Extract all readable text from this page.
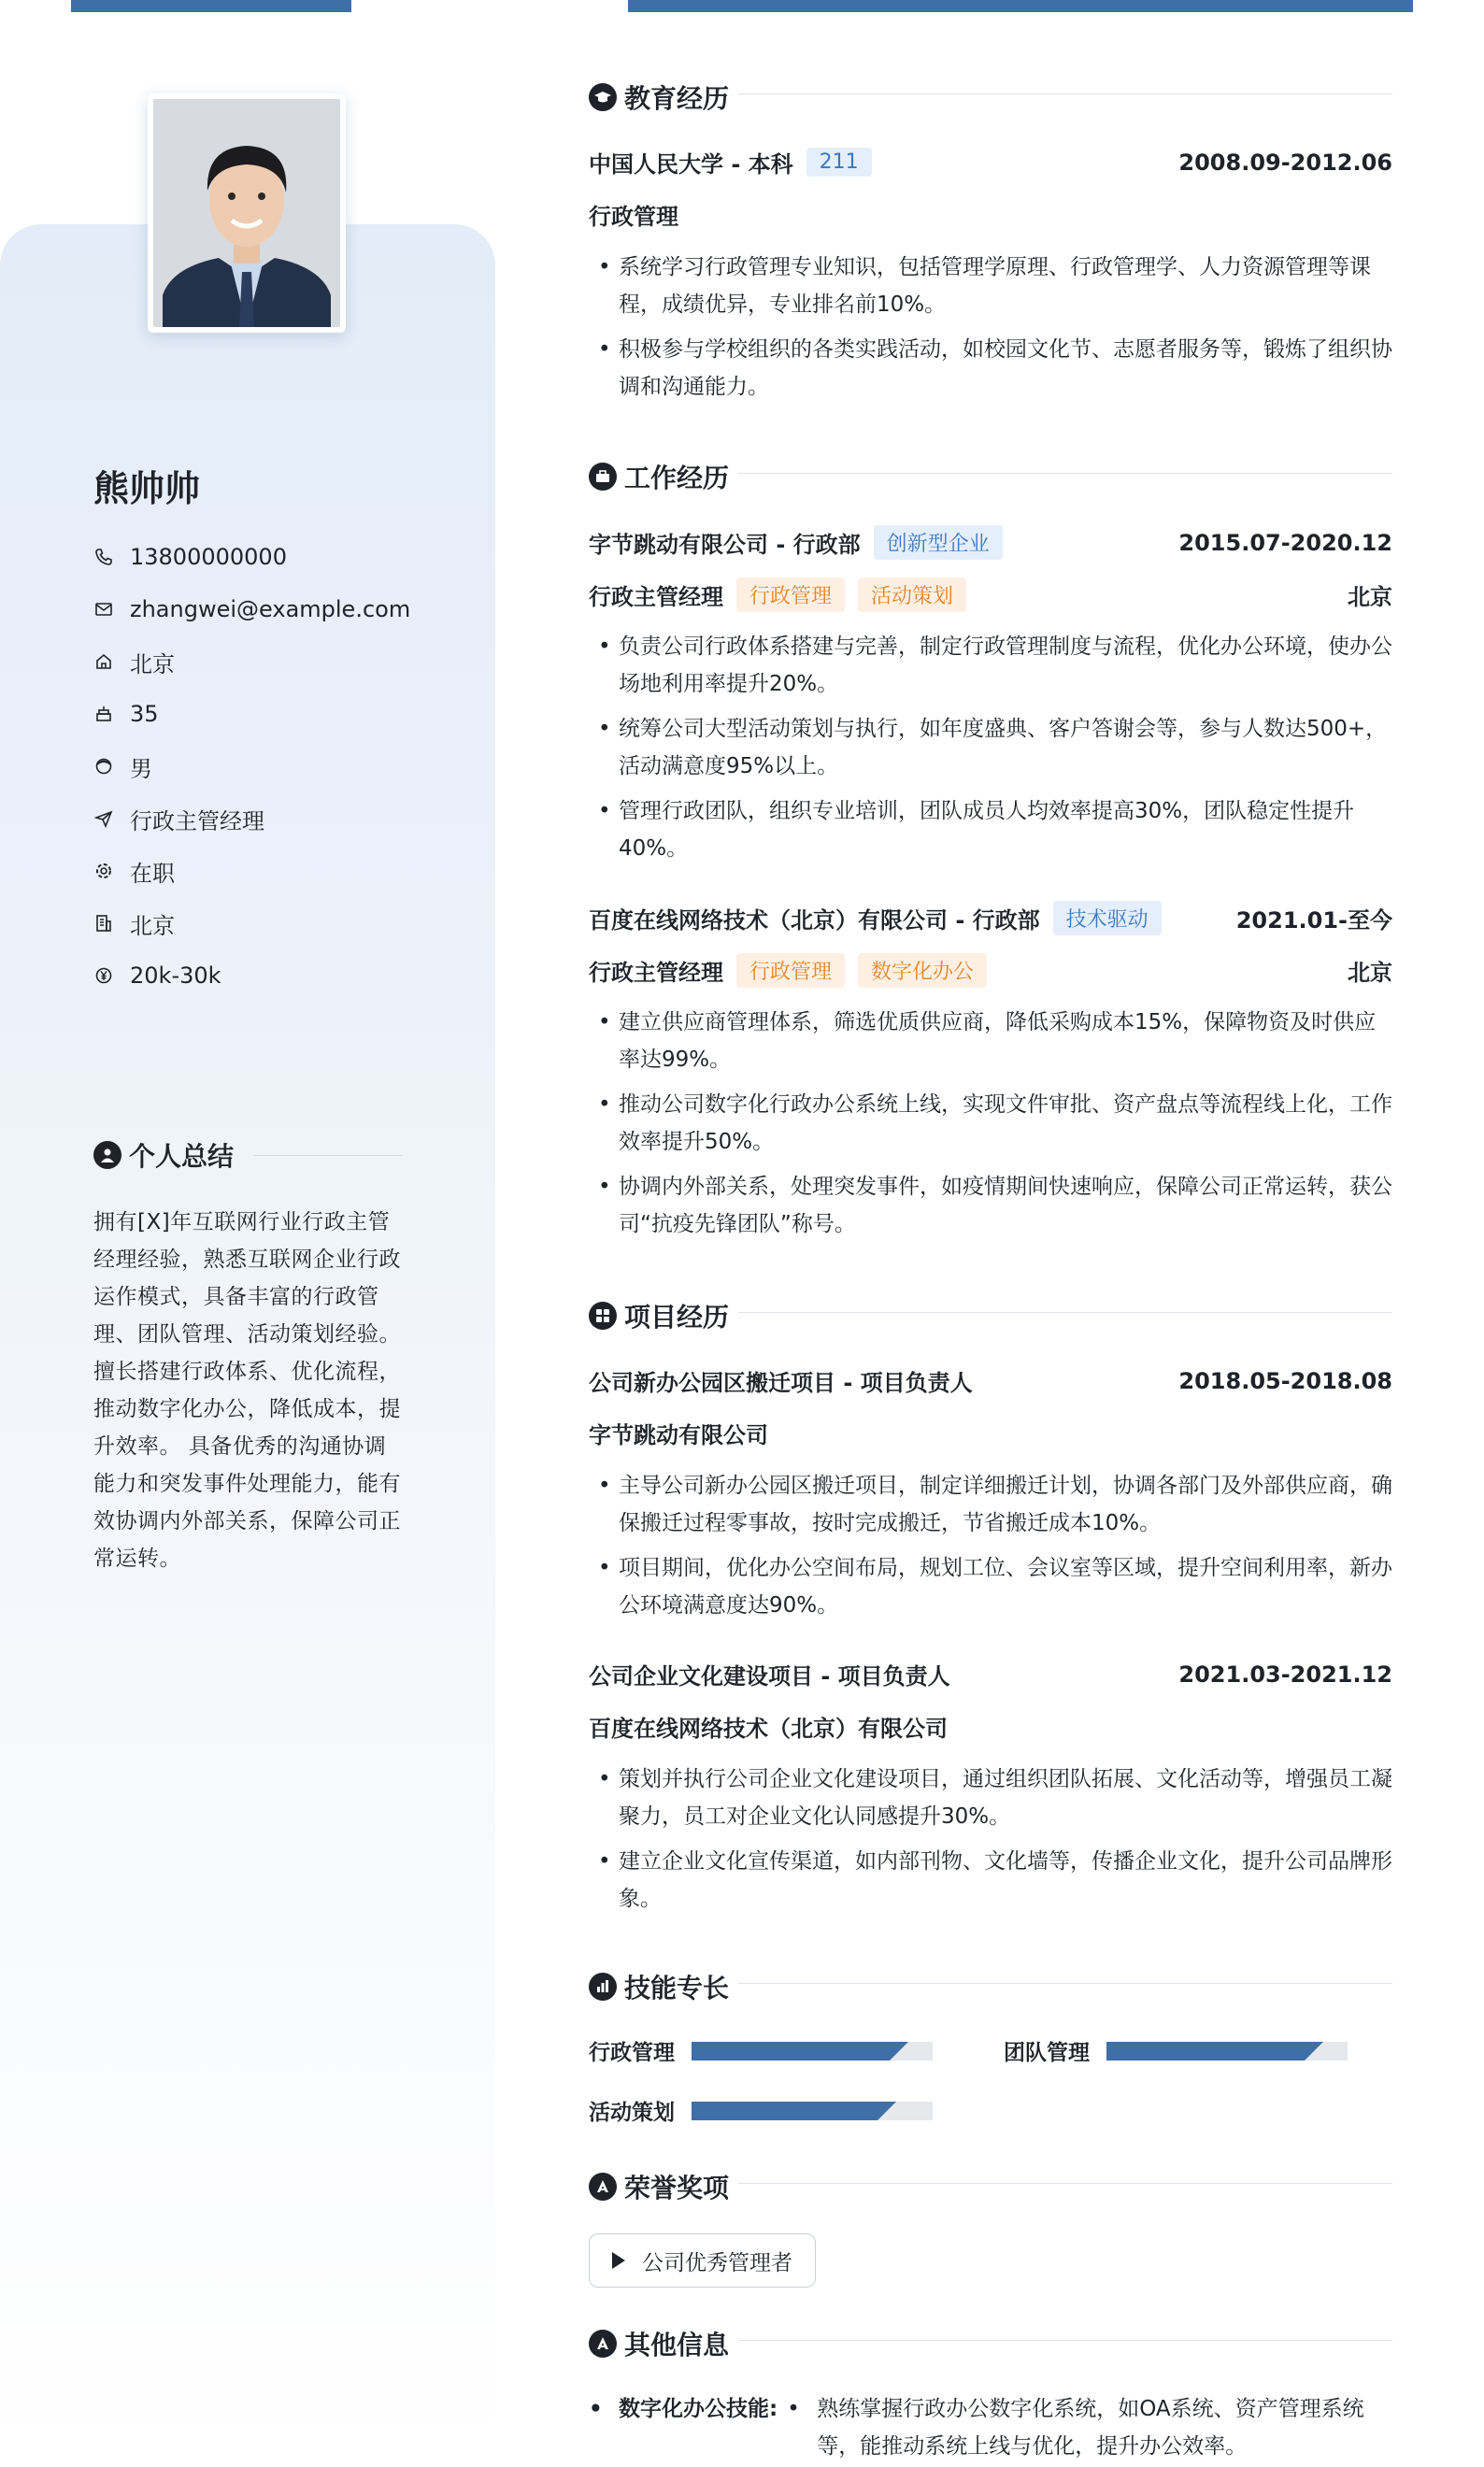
熊帅帅
13800000000
zhangwei@example.com
北京
35
男
行政主管经理
在职
北京
20k-30k
个人总结
拥有[X]年互联网行业行政主管经理经验，熟悉互联网企业行政运作模式，具备丰富的行政管理、团队管理、活动策划经验。 擅长搭建行政体系、优化流程，推动数字化办公，降低成本，提升效率。 具备优秀的沟通协调能力和突发事件处理能力，能有效协调内外部关系，保障公司正常运转。
教育经历
中国人民大学 - 本科	211	2008.09-2012.06
行政管理
• 系统学习行政管理专业知识，包括管理学原理、行政管理学、人力资源管理等课程，成绩优异，专业排名前10%。
• 积极参与学校组织的各类实践活动，如校园文化节、志愿者服务等，锻炼了组织协调和沟通能力。
工作经历
字节跳动有限公司 - 行政部	创新型企业	2015.07-2020.12
行政主管经理	行政管理	活动策划	北京
• 负责公司行政体系搭建与完善，制定行政管理制度与流程，优化办公环境，使办公场地利用率提升20%。
• 统筹公司大型活动策划与执行，如年度盛典、客户答谢会等，参与人数达500+，活动满意度95%以上。
• 管理行政团队，组织专业培训，团队成员人均效率提高30%，团队稳定性提升40%。
百度在线网络技术（北京）有限公司 - 行政部	技术驱动	2021.01-至今
行政主管经理	行政管理	数字化办公	北京
• 建立供应商管理体系，筛选优质供应商，降低采购成本15%，保障物资及时供应率达99%。
• 推动公司数字化行政办公系统上线，实现文件审批、资产盘点等流程线上化，工作效率提升50%。
• 协调内外部关系，处理突发事件，如疫情期间快速响应，保障公司正常运转，获公司“抗疫先锋团队”称号。
项目经历
公司新办公园区搬迁项目 - 项目负责人	2018.05-2018.08
字节跳动有限公司
• 主导公司新办公园区搬迁项目，制定详细搬迁计划，协调各部门及外部供应商，确保搬迁过程零事故，按时完成搬迁，节省搬迁成本10%。
• 项目期间，优化办公空间布局，规划工位、会议室等区域，提升空间利用率，新办公环境满意度达90%。
公司企业文化建设项目 - 项目负责人	2021.03-2021.12
百度在线网络技术（北京）有限公司
• 策划并执行公司企业文化建设项目，通过组织团队拓展、文化活动等，增强员工凝聚力，员工对企业文化认同感提升30%。
• 建立企业文化宣传渠道，如内部刊物、文化墙等，传播企业文化，提升公司品牌形象。
技能专长
行政管理	团队管理
活动策划
荣誉奖项
公司优秀管理者
其他信息
• 数字化办公技能:
•	熟练掌握行政办公数字化系统，如OA系统、资产管理系统等，能推动系统上线与优化，提升办公效率。
